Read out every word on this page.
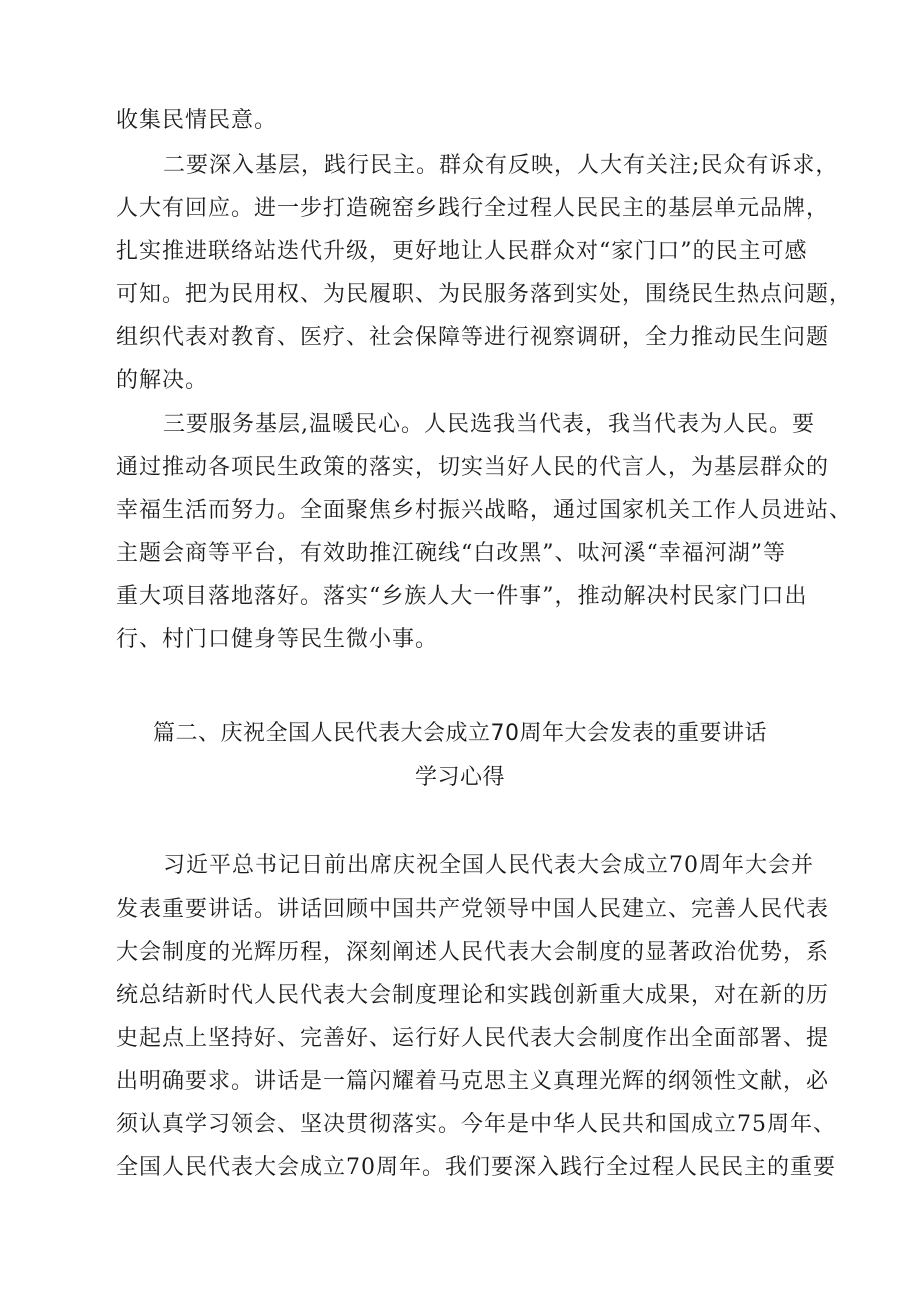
收集民情民意。

二要深入基层，践行民主。群众有反映，人大有关注;民众有诉求，

人大有回应。进一步打造碗窑乡践行全过程人民民主的基层单元品牌，

扎实推进联络站迭代升级，更好地让人民群众对“家门口”的民主可感

可知。把为民用权、为民履职、为民服务落到实处，围绕民生热点问题，

组织代表对教育、医疗、社会保障等进行视察调研，全力推动民生问题

的解决。

三要服务基层,温暖民心。人民选我当代表，我当代表为人民。要

通过推动各项民生政策的落实，切实当好人民的代言人，为基层群众的

幸福生活而努力。全面聚焦乡村振兴战略，通过国家机关工作人员进站、

主题会商等平台，有效助推江碗线“白改黑”、呔河溪“幸福河湖”等

重大项目落地落好。落实“乡族人大一件事”，推动解决村民家门口出

行、村门口健身等民生微小事。

篇二、庆祝全国人民代表大会成立70周年大会发表的重要讲话
学习心得

习近平总书记日前出席庆祝全国人民代表大会成立70周年大会并

发表重要讲话。讲话回顾中国共产党领导中国人民建立、完善人民代表

大会制度的光辉历程，深刻阐述人民代表大会制度的显著政治优势，系

统总结新时代人民代表大会制度理论和实践创新重大成果，对在新的历

史起点上坚持好、完善好、运行好人民代表大会制度作出全面部署、提

出明确要求。讲话是一篇闪耀着马克思主义真理光辉的纲领性文献，必

须认真学习领会、坚决贯彻落实。今年是中华人民共和国成立75周年、

全国人民代表大会成立70周年。我们要深入践行全过程人民民主的重要
